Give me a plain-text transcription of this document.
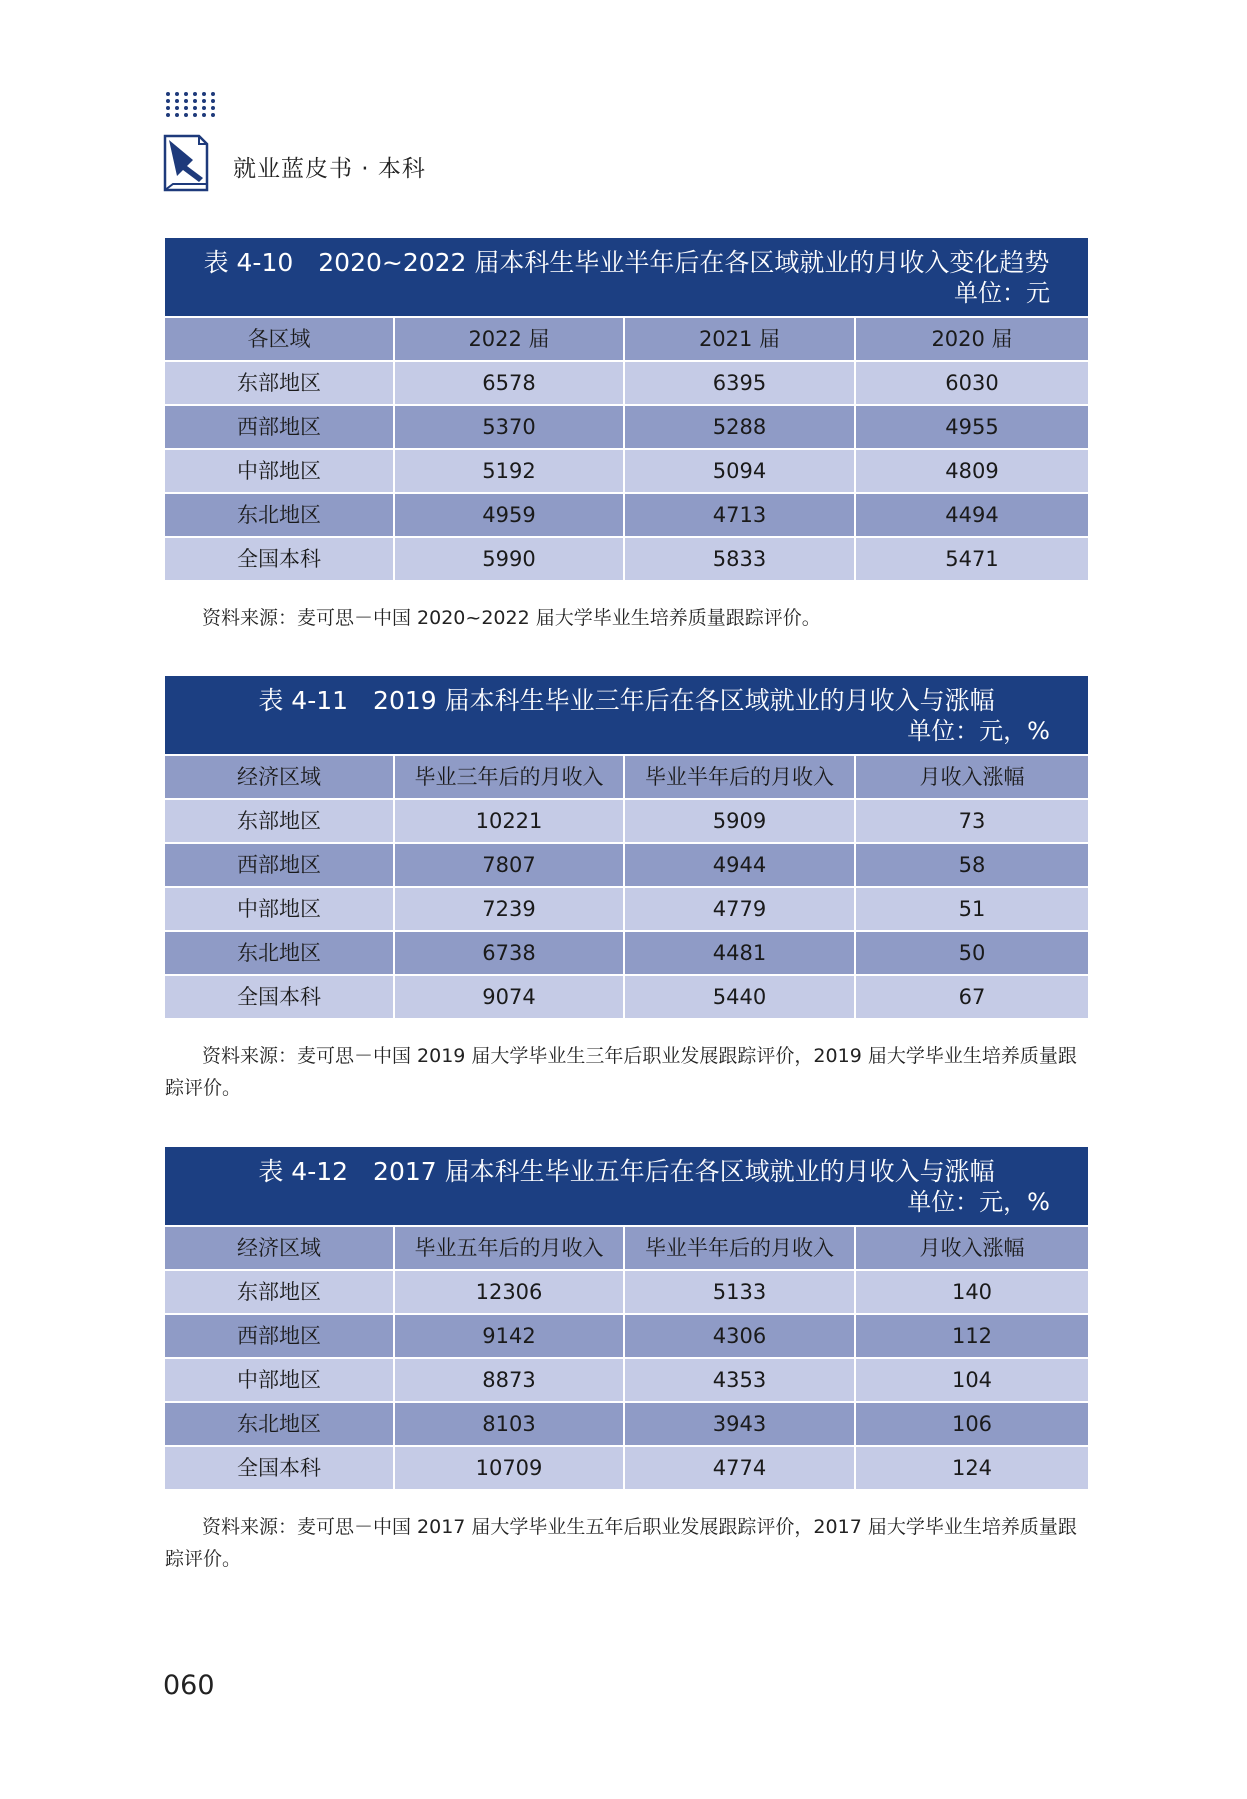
就业蓝皮书 · 本科
表 4-10　2020~2022 届本科生毕业半年后在各区域就业的月收入变化趋势
单位：元
各区域	2022 届	2021 届	2020 届
东部地区	6578	6395	6030
西部地区	5370	5288	4955
中部地区	5192	5094	4809
东北地区	4959	4713	4494
全国本科	5990	5833	5471
资料来源：麦可思－中国 2020~2022 届大学毕业生培养质量跟踪评价。
表 4-11　2019 届本科生毕业三年后在各区域就业的月收入与涨幅
单位：元，%
经济区域	毕业三年后的月收入	毕业半年后的月收入	月收入涨幅
东部地区	10221	5909	73
西部地区	7807	4944	58
中部地区	7239	4779	51
东北地区	6738	4481	50
全国本科	9074	5440	67
资料来源：麦可思－中国 2019 届大学毕业生三年后职业发展跟踪评价，2019 届大学毕业生培养质量跟踪评价。
表 4-12　2017 届本科生毕业五年后在各区域就业的月收入与涨幅
单位：元，%
经济区域	毕业五年后的月收入	毕业半年后的月收入	月收入涨幅
东部地区	12306	5133	140
西部地区	9142	4306	112
中部地区	8873	4353	104
东北地区	8103	3943	106
全国本科	10709	4774	124
资料来源：麦可思－中国 2017 届大学毕业生五年后职业发展跟踪评价，2017 届大学毕业生培养质量跟踪评价。
060
